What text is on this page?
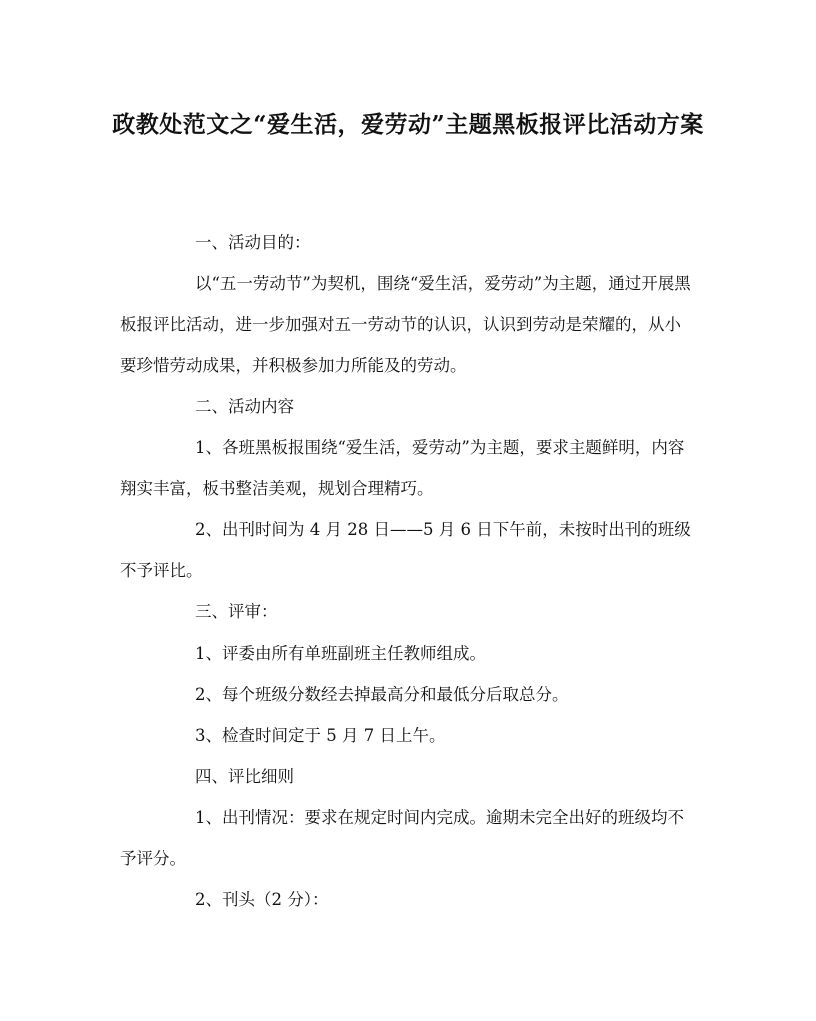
政教处范文之“爱生活，爱劳动”主题黑板报评比活动方案

一、活动目的：

以“五一劳动节”为契机，围绕“爱生活，爱劳动”为主题，通过开展黑板报评比活动，进一步加强对五一劳动节的认识，认识到劳动是荣耀的，从小要珍惜劳动成果，并积极参加力所能及的劳动。

二、活动内容

1、各班黑板报围绕“爱生活，爱劳动”为主题，要求主题鲜明，内容翔实丰富，板书整洁美观，规划合理精巧。

2、出刊时间为 4 月 28 日——5 月 6 日下午前，未按时出刊的班级不予评比。

三、评审：

1、评委由所有单班副班主任教师组成。

2、每个班级分数经去掉最高分和最低分后取总分。

3、检查时间定于 5 月 7 日上午。

四、评比细则

1、出刊情况：要求在规定时间内完成。逾期未完全出好的班级均不予评分。

2、刊头（2 分）：
